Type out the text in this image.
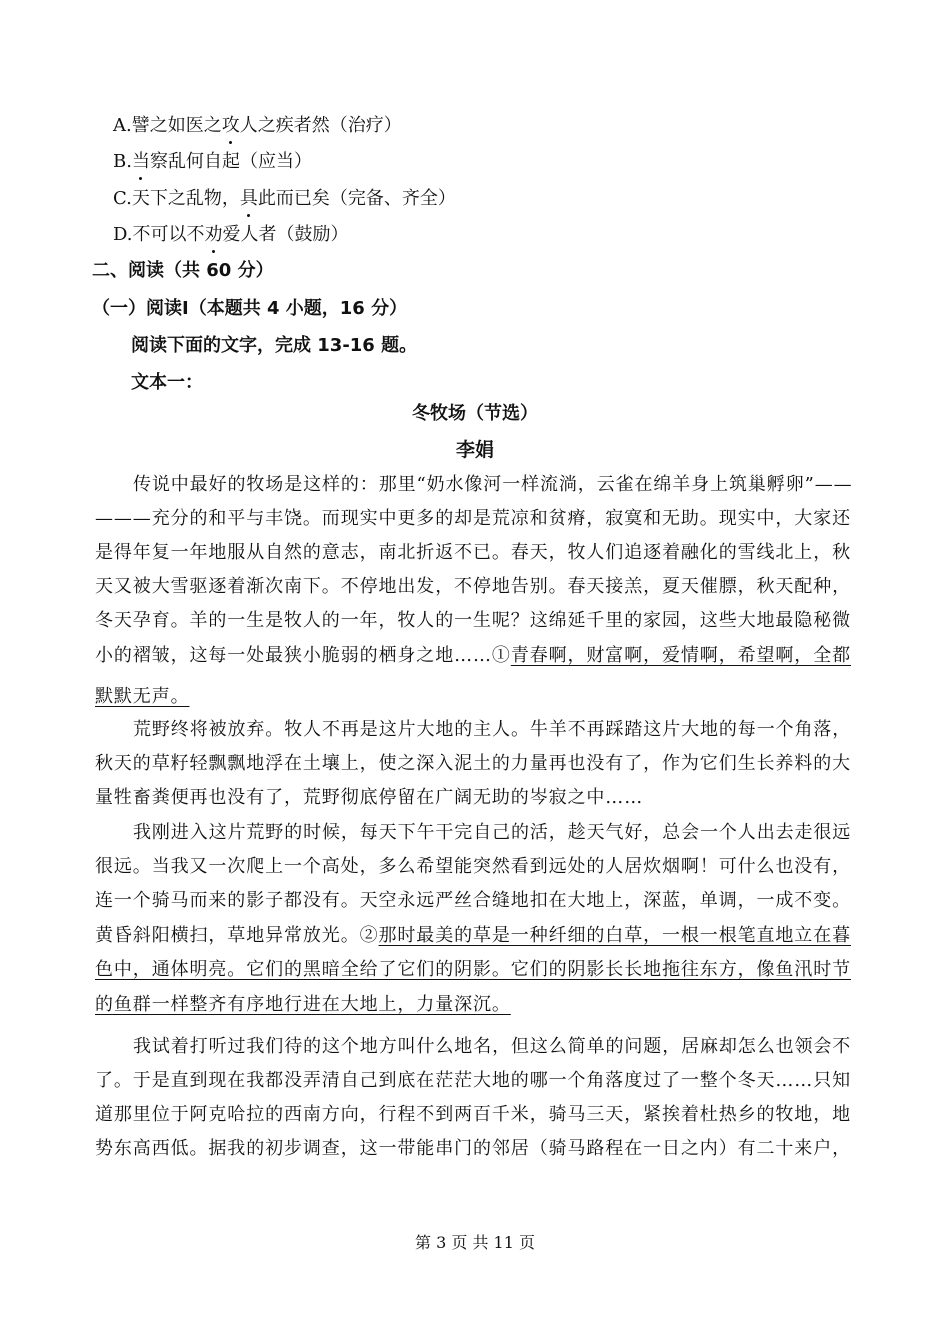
A.譬之如医之攻人之疾者然（治疗）
B.当察乱何自起（应当）
C.天下之乱物，具此而已矣（完备、齐全）
D.不可以不劝爱人者（鼓励）
二、阅读（共 60 分）
（一）阅读Ⅰ（本题共 4 小题，16 分）
阅读下面的文字，完成 13-16 题。
文本一：
冬牧场（节选）
李娟
传说中最好的牧场是这样的：那里“奶水像河一样流淌，云雀在绵羊身上筑巢孵卵”——
———充分的和平与丰饶。而现实中更多的却是荒凉和贫瘠，寂寞和无助。现实中，大家还
是得年复一年地服从自然的意志，南北折返不已。春天，牧人们追逐着融化的雪线北上，秋
天又被大雪驱逐着渐次南下。不停地出发，不停地告别。春天接羔，夏天催膘，秋天配种，
冬天孕育。羊的一生是牧人的一年，牧人的一生呢？这绵延千里的家园，这些大地最隐秘微
小的褶皱，这每一处最狭小脆弱的栖身之地……①青春啊，财富啊，爱情啊，希望啊，全都
默默无声。
荒野终将被放弃。牧人不再是这片大地的主人。牛羊不再踩踏这片大地的每一个角落，
秋天的草籽轻飘飘地浮在土壤上，使之深入泥土的力量再也没有了，作为它们生长养料的大
量牲畜粪便再也没有了，荒野彻底停留在广阔无助的岑寂之中……
我刚进入这片荒野的时候，每天下午干完自己的活，趁天气好，总会一个人出去走很远
很远。当我又一次爬上一个高处，多么希望能突然看到远处的人居炊烟啊！可什么也没有，
连一个骑马而来的影子都没有。天空永远严丝合缝地扣在大地上，深蓝，单调，一成不变。
黄昏斜阳横扫，草地异常放光。②那时最美的草是一种纤细的白草，一根一根笔直地立在暮
色中，通体明亮。它们的黑暗全给了它们的阴影。它们的阴影长长地拖往东方，像鱼汛时节
的鱼群一样整齐有序地行进在大地上，力量深沉。
我试着打听过我们待的这个地方叫什么地名，但这么简单的问题，居麻却怎么也领会不
了。于是直到现在我都没弄清自己到底在茫茫大地的哪一个角落度过了一整个冬天……只知
道那里位于阿克哈拉的西南方向，行程不到两百千米，骑马三天，紧挨着杜热乡的牧地，地
势东高西低。据我的初步调查，这一带能串门的邻居（骑马路程在一日之内）有二十来户，
第 3 页 共 11 页
